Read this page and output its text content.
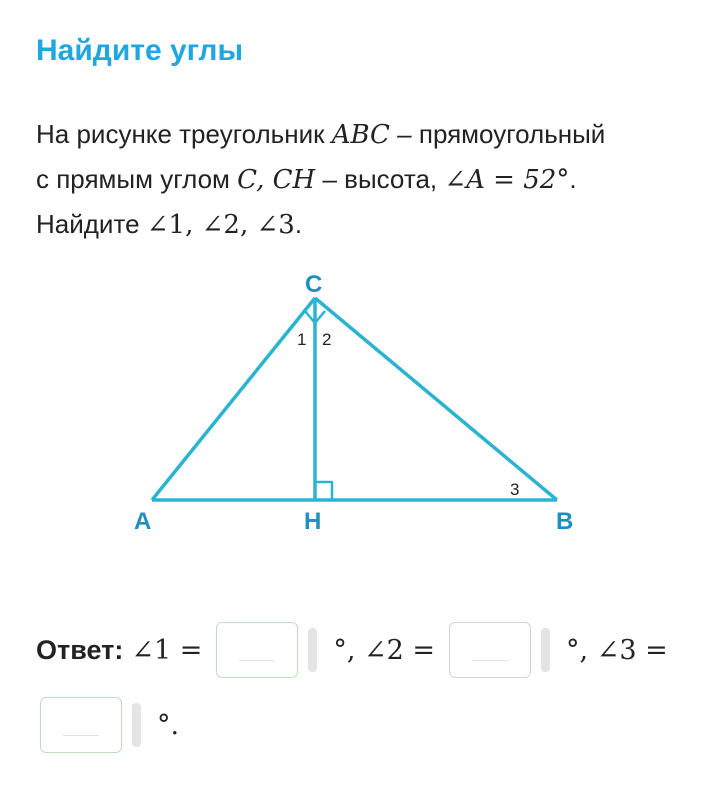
Найдите углы
На рисунке треугольник ABC – прямоугольный
с прямым углом C, CH – высота, ∠A = 52°.
Найдите ∠1, ∠2, ∠3.
C
A	H	B
1 2
3
Ответ: ∠1 =	°, ∠2 =	°, ∠3 =
°.
